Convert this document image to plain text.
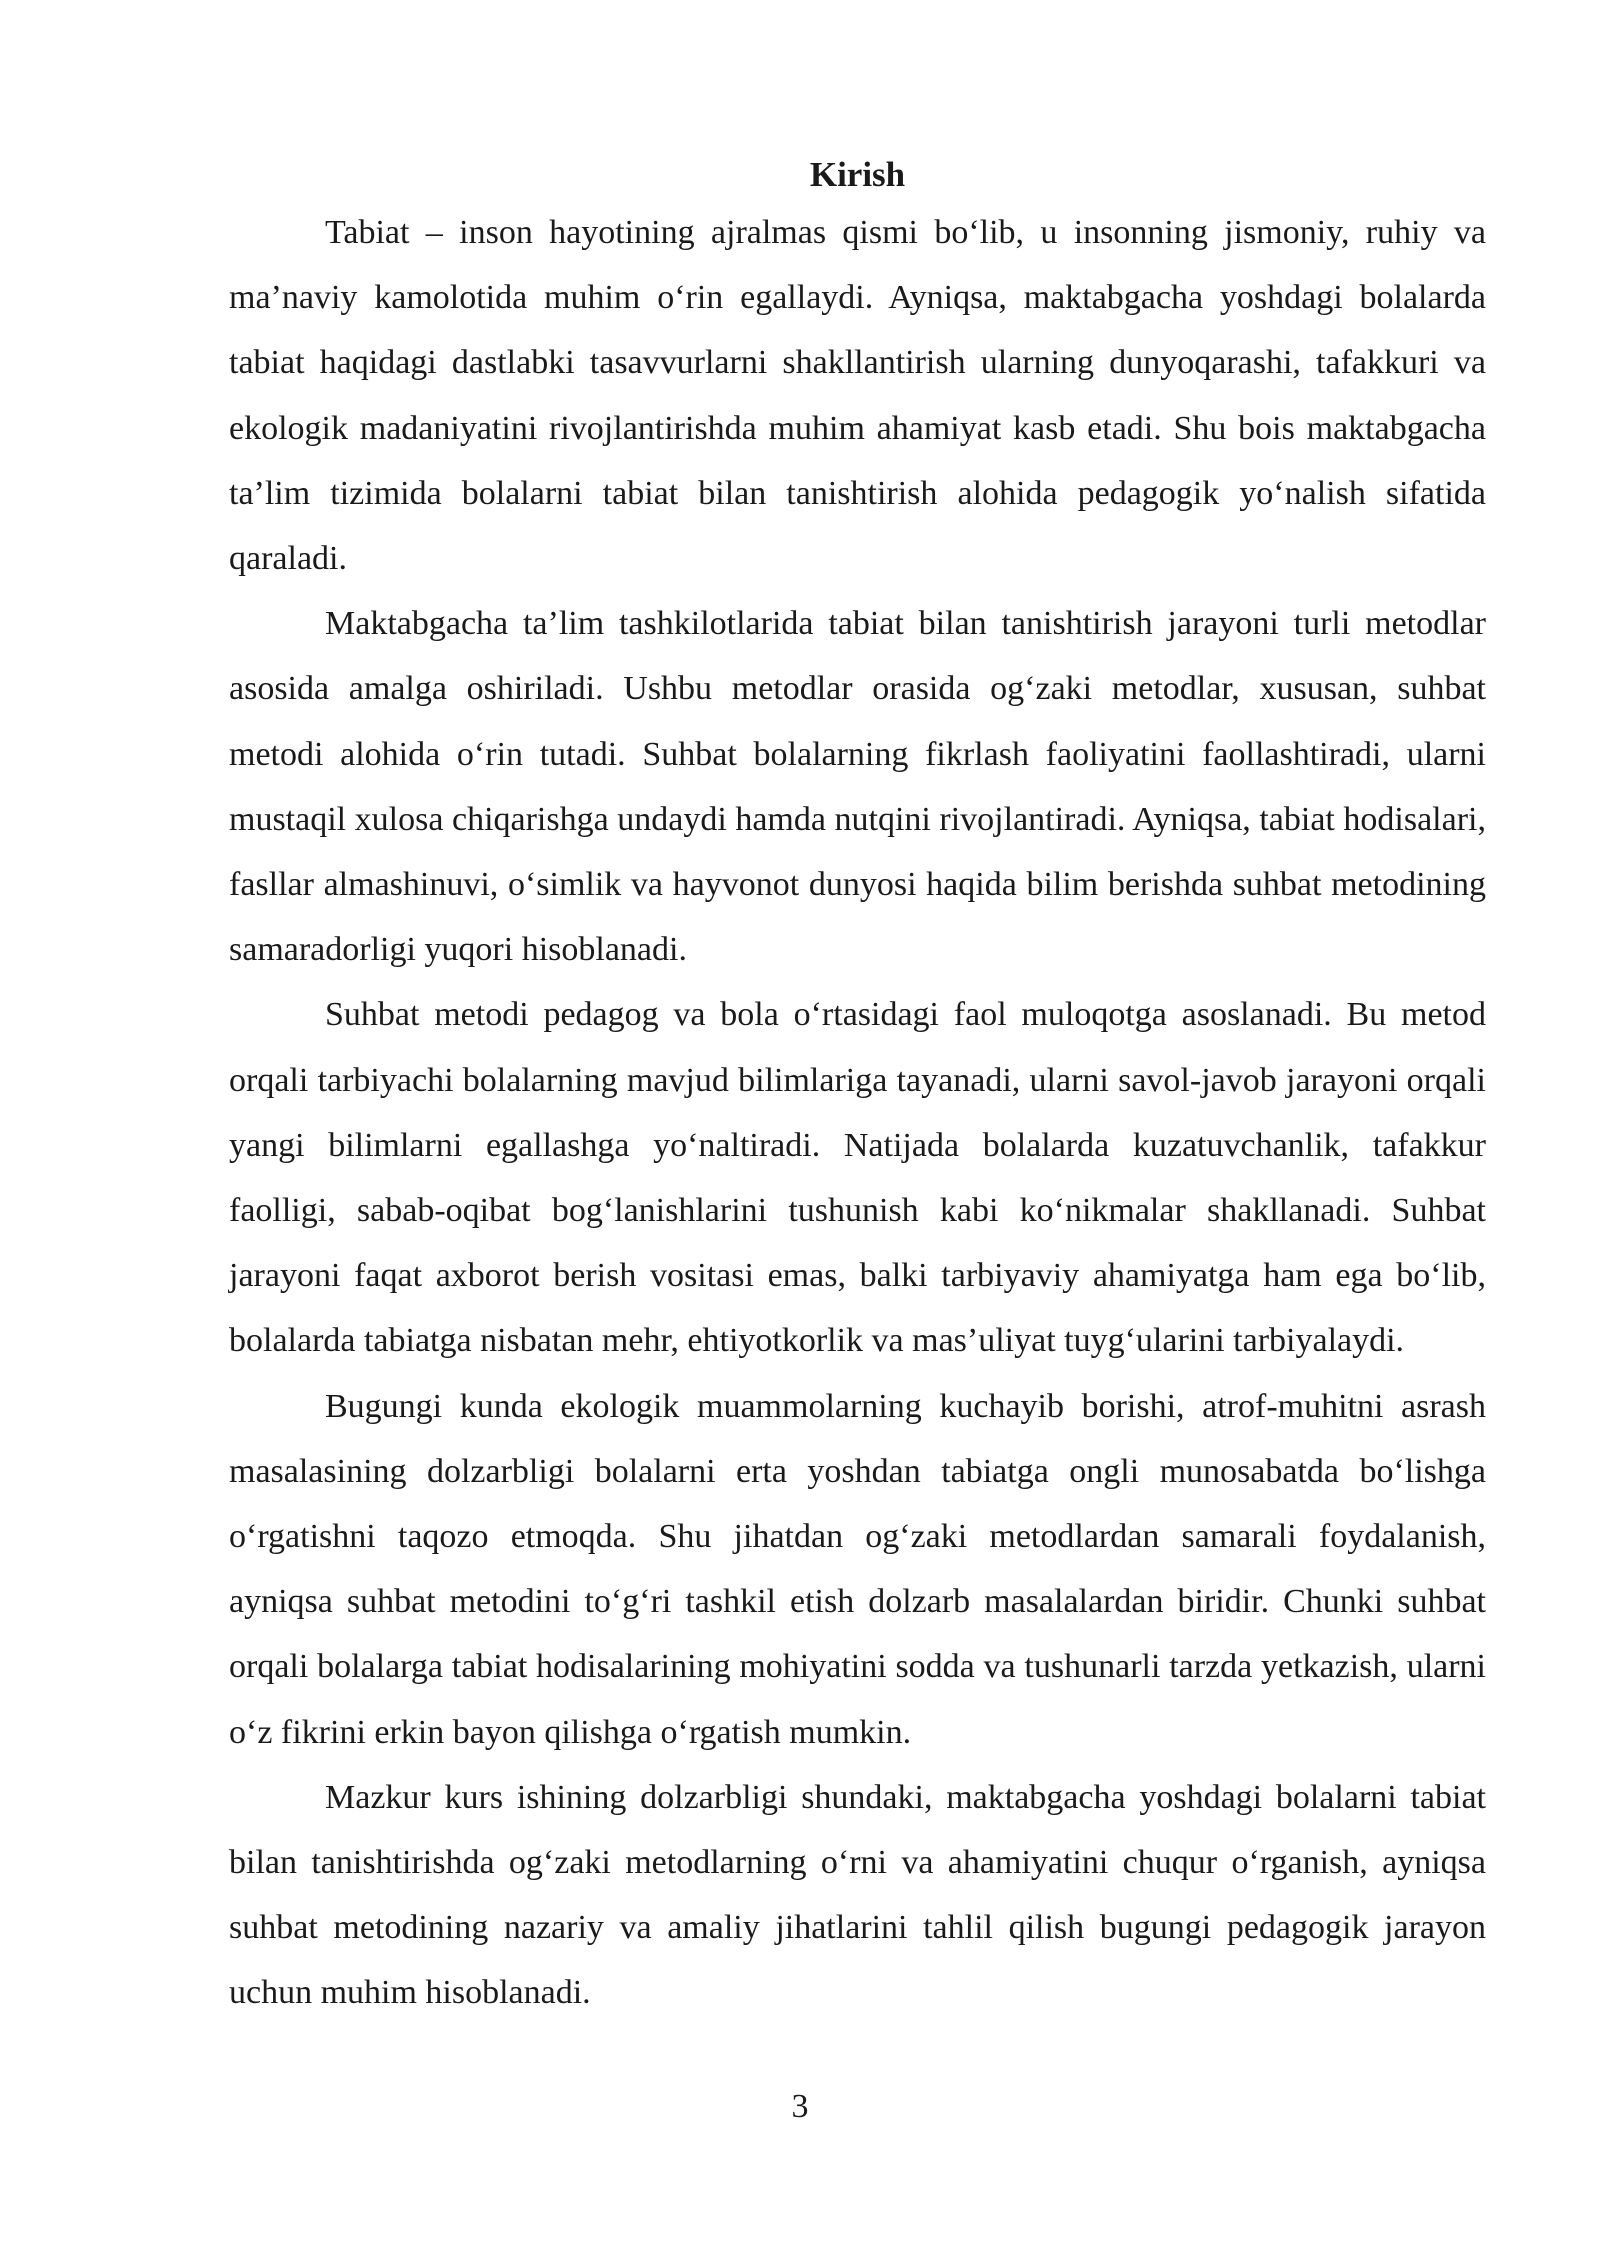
Kirish

Tabiat – inson hayotining ajralmas qismi bo‘lib, u insonning jismoniy, ruhiy va ma’naviy kamolotida muhim o‘rin egallaydi. Ayniqsa, maktabgacha yoshdagi bolalarda tabiat haqidagi dastlabki tasavvurlarni shakllantirish ularning dunyoqarashi, tafakkuri va ekologik madaniyatini rivojlantirishda muhim ahamiyat kasb etadi. Shu bois maktabgacha ta’lim tizimida bolalarni tabiat bilan tanishtirish alohida pedagogik yo‘nalish sifatida qaraladi.

Maktabgacha ta’lim tashkilotlarida tabiat bilan tanishtirish jarayoni turli metodlar asosida amalga oshiriladi. Ushbu metodlar orasida og‘zaki metodlar, xususan, suhbat metodi alohida o‘rin tutadi. Suhbat bolalarning fikrlash faoliyatini faollashtiradi, ularni mustaqil xulosa chiqarishga undaydi hamda nutqini rivojlantiradi. Ayniqsa, tabiat hodisalari, fasllar almashinuvi, o‘simlik va hayvonot dunyosi haqida bilim berishda suhbat metodining samaradorligi yuqori hisoblanadi.

Suhbat metodi pedagog va bola o‘rtasidagi faol muloqotga asoslanadi. Bu metod orqali tarbiyachi bolalarning mavjud bilimlariga tayanadi, ularni savol-javob jarayoni orqali yangi bilimlarni egallashga yo‘naltiradi. Natijada bolalarda kuzatuvchanlik, tafakkur faolligi, sabab-oqibat bog‘lanishlarini tushunish kabi ko‘nikmalar shakllanadi. Suhbat jarayoni faqat axborot berish vositasi emas, balki tarbiyaviy ahamiyatga ham ega bo‘lib, bolalarda tabiatga nisbatan mehr, ehtiyotkorlik va mas’uliyat tuyg‘ularini tarbiyalaydi.

Bugungi kunda ekologik muammolarning kuchayib borishi, atrof-muhitni asrash masalasining dolzarbligi bolalarni erta yoshdan tabiatga ongli munosabatda bo‘lishga o‘rgatishni taqozo etmoqda. Shu jihatdan og‘zaki metodlardan samarali foydalanish, ayniqsa suhbat metodini to‘g‘ri tashkil etish dolzarb masalalardan biridir. Chunki suhbat orqali bolalarga tabiat hodisalarining mohiyatini sodda va tushunarli tarzda yetkazish, ularni o‘z fikrini erkin bayon qilishga o‘rgatish mumkin.

Mazkur kurs ishining dolzarbligi shundaki, maktabgacha yoshdagi bolalarni tabiat bilan tanishtirishda og‘zaki metodlarning o‘rni va ahamiyatini chuqur o‘rganish, ayniqsa suhbat metodining nazariy va amaliy jihatlarini tahlil qilish bugungi pedagogik jarayon uchun muhim hisoblanadi.

3
